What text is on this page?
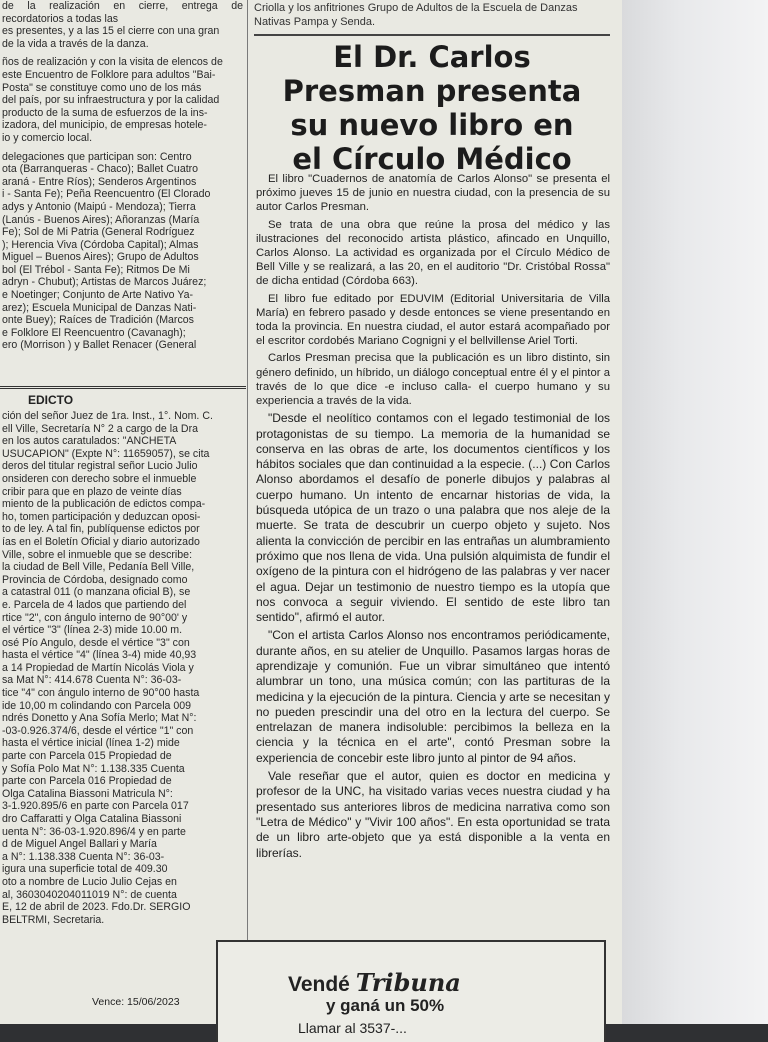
de la realización en cierre, entrega de recordatorios a todas las

es presentes, y a las 15 el cierre con una gran

de la vida a través de la danza.

ños de realización y con la visita de elencos de

este Encuentro de Folklore para adultos "Bai-

Posta" se constituye como uno de los más

del país, por su infraestructura y por la calidad

producto de la suma de esfuerzos de la ins-

izadora, del municipio, de empresas hotele-

io y comercio local.

delegaciones que participan son: Centro

ota (Barranqueras - Chaco); Ballet Cuatro

araná - Entre Ríos); Senderos Argentinos

i - Santa Fe); Peña Reencuentro (El Clorado

adys y Antonio (Maipú - Mendoza); Tierra

(Lanús - Buenos Aires); Añoranzas (María

Fe); Sol de Mi Patria (General Rodríguez

); Herencia Viva (Córdoba Capital); Almas

Miguel – Buenos Aires); Grupo de Adultos

bol (El Trébol - Santa Fe); Ritmos De Mi

adryn - Chubut); Artistas de Marcos Juárez;

e Noetinger; Conjunto de Arte Nativo Ya-

arez); Escuela Municipal de Danzas Nati-

onte Buey); Raíces de Tradición (Marcos

e Folklore El Reencuentro (Cavanagh);

ero (Morrison ) y Ballet Renacer (General

EDICTO

ción del señor Juez de 1ra. Inst., 1°. Nom. C.

ell Ville, Secretaría N° 2 a cargo de la Dra

en los autos caratulados: "ANCHETA

USUCAPION" (Expte N°: 11659057), se cita

deros del titular registral señor Lucio Julio

onsideren con derecho sobre el inmueble

cribir para que en plazo de veinte días

miento de la publicación de edictos compa-

ho, tomen participación y deduzcan oposi-

to de ley. A tal fin, publíquense edictos por

ías en el Boletín Oficial y diario autorizado

Ville, sobre el inmueble que se describe:

la ciudad de Bell Ville, Pedanía Bell Ville,

Provincia de Córdoba, designado como

a catastral 011 (o manzana oficial B), se

e. Parcela de 4 lados que partiendo del

rtice "2", con ángulo interno de 90°00' y

el vértice "3" (línea 2-3) mide 10.00 m.

osé Pío Angulo, desde el vértice "3" con

hasta el vértice "4" (línea 3-4) mide 40,93

a 14 Propiedad de Martín Nicolás Viola y

sa Mat N°: 414.678 Cuenta N°: 36-03-

tice "4" con ángulo interno de 90°00 hasta

ide 10,00 m colindando con Parcela 009

ndrés Donetto y Ana Sofía Merlo; Mat N°:

-03-0.926.374/6, desde el vértice "1" con

hasta el vértice inicial (línea 1-2) mide

parte con Parcela 015 Propiedad de

y Sofía Polo Mat N°: 1.138.335 Cuenta

parte con Parcela 016 Propiedad de

Olga Catalina Biassoni Matricula N°:

3-1.920.895/6 en parte con Parcela 017

dro Caffaratti y Olga Catalina Biassoni

uenta N°: 36-03-1.920.896/4 y en parte

d de Miguel Angel Ballari y María

a N°: 1.138.338 Cuenta N°: 36-03-

igura una superficie total de 409.30

oto a nombre de Lucio Julio Cejas en

al, 3603040204011019 N°: de cuenta

E, 12 de abril de 2023. Fdo.Dr. SERGIO

BELTRMI, Secretaria.

Vence: 15/06/2023
Criolla y los anfitriones Grupo de Adultos de la Escuela de Danzas Nativas Pampa y Senda.
El Dr. Carlos
Presman presenta
su nuevo libro en
el Círculo Médico

El libro "Cuadernos de anatomía de Carlos Alonso" se presenta el próximo jueves 15 de junio en nuestra ciudad, con la presencia de su autor Carlos Presman.

Se trata de una obra que reúne la prosa del médico y las ilustraciones del reconocido artista plástico, afincado en Unquillo, Carlos Alonso. La actividad es organizada por el Círculo Médico de Bell Ville y se realizará, a las 20, en el auditorio "Dr. Cristóbal Rossa" de dicha entidad (Córdoba 663).

El libro fue editado por EDUVIM (Editorial Universitaria de Villa María) en febrero pasado y desde entonces se viene presentando en toda la provincia. En nuestra ciudad, el autor estará acompañado por el escritor cordobés Mariano Cognigni y el bellvillense Ariel Torti.

Carlos Presman precisa que la publicación es un libro distinto, sin género definido, un híbrido, un diálogo conceptual entre él y el pintor a través de lo que dice -e incluso calla- el cuerpo humano y su experiencia a través de la vida.

"Desde el neolítico contamos con el legado testimonial de los protagonistas de su tiempo. La memoria de la humanidad se conserva en las obras de arte, los documentos científicos y los hábitos sociales que dan continuidad a la especie. (...) Con Carlos Alonso abordamos el desafío de ponerle dibujos y palabras al cuerpo humano. Un intento de encarnar historias de vida, la búsqueda utópica de un trazo o una palabra que nos aleje de la muerte. Se trata de descubrir un cuerpo objeto y sujeto. Nos alienta la convicción de percibir en las entrañas un alumbramiento próximo que nos llena de vida. Una pulsión alquimista de fundir el oxígeno de la pintura con el hidrógeno de las palabras y ver nacer el agua. Dejar un testimonio de nuestro tiempo es la utopía que nos convoca a seguir viviendo. El sentido de este libro tan sentido", afirmó el autor.

"Con el artista Carlos Alonso nos encontramos periódicamente, durante años, en su atelier de Unquillo. Pasamos largas horas de aprendizaje y comunión. Fue un vibrar simultáneo que intentó alumbrar un tono, una música común; con las partituras de la medicina y la ejecución de la pintura. Ciencia y arte se necesitan y no pueden prescindir una del otro en la lectura del cuerpo. Se entrelazan de manera indisoluble: percibimos la belleza en la ciencia y la técnica en el arte", contó Presman sobre la experiencia de concebir este libro junto al pintor de 94 años.

Vale reseñar que el autor, quien es doctor en medicina y profesor de la UNC, ha visitado varias veces nuestra ciudad y ha presentado sus anteriores libros de medicina narrativa como son "Letra de Médico" y "Vivir 100 años". En esta oportunidad se trata de un libro arte-objeto que ya está disponible a la venta en librerías.

Vendé Tribuna
y ganá un 50%
Llamar al 3537-...
